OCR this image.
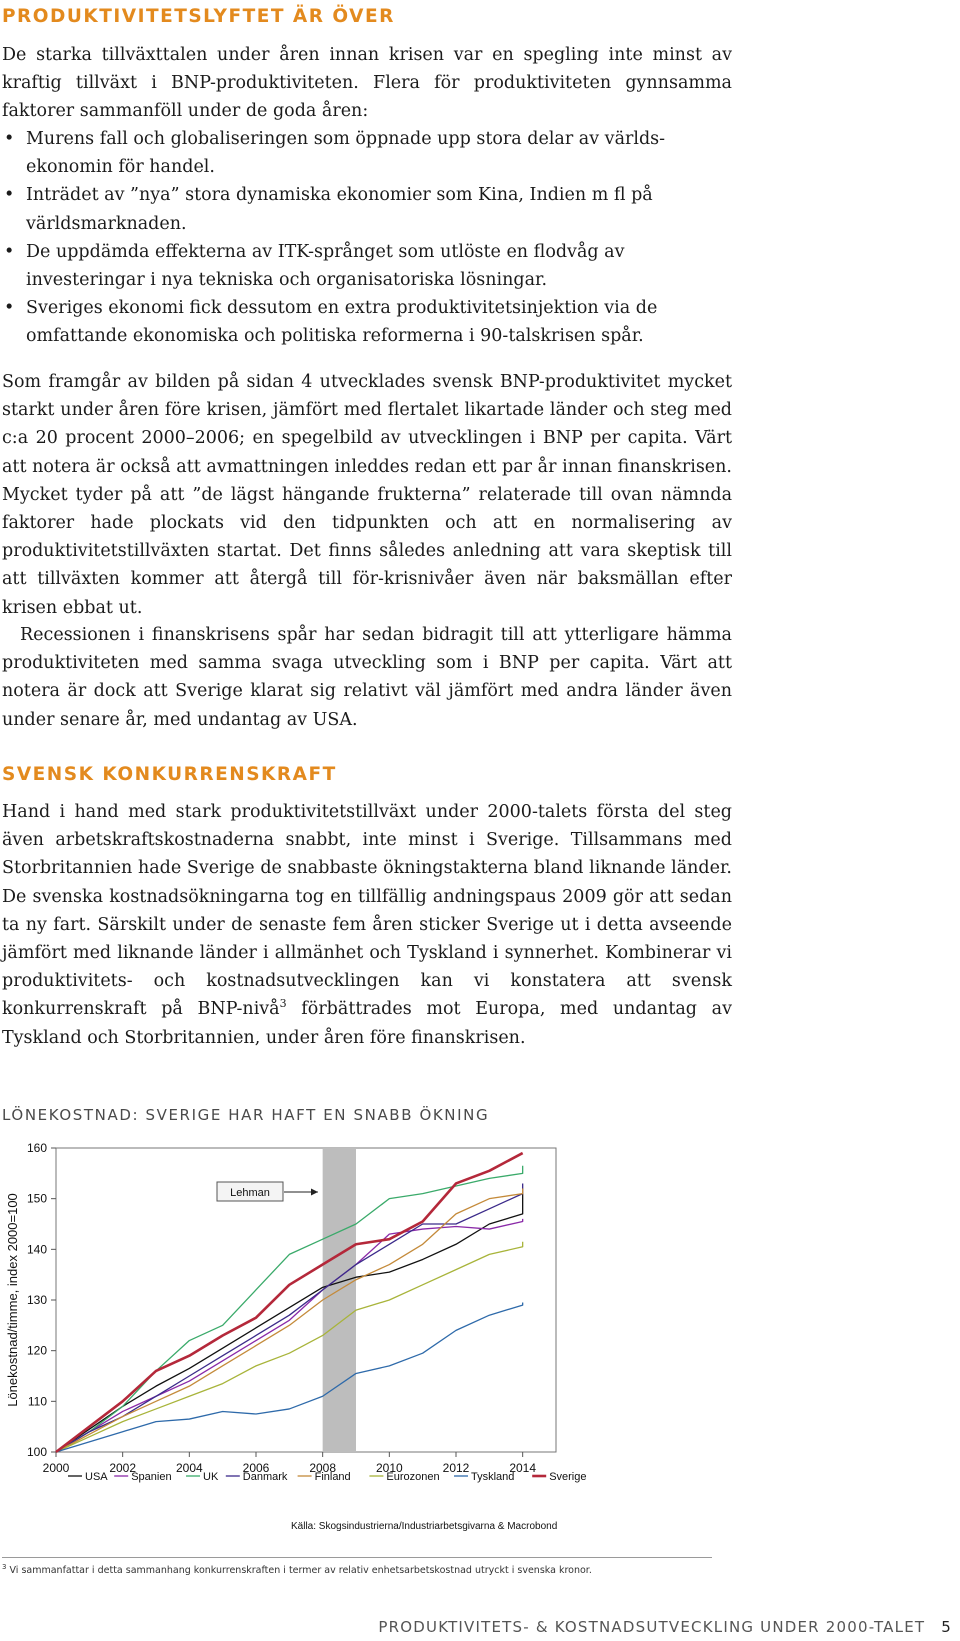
PRODUKTIVITETSLYFTET ÄR ÖVER

De starka tillväxttalen under åren innan krisen var en spegling inte minst av kraftig tillväxt i BNP-produktiviteten. Flera för produktiviteten gynnsamma faktorer sammanföll under de goda åren:

• Murens fall och globaliseringen som öppnade upp stora delar av världsekonomin för handel.
• Inträdet av ”nya” stora dynamiska ekonomier som Kina, Indien m fl på världsmarknaden.
• De uppdämda effekterna av ITK-språnget som utlöste en flodvåg av investeringar i nya tekniska och organisatoriska lösningar.
• Sveriges ekonomi fick dessutom en extra produktivitetsinjektion via de omfattande ekonomiska och politiska reformerna i 90-talskrisen spår.

Som framgår av bilden på sidan 4 utvecklades svensk BNP-produktivitet mycket starkt under åren före krisen, jämfört med flertalet likartade länder och steg med c:a 20 procent 2000–2006; en spegelbild av utvecklingen i BNP per capita. Värt att notera är också att avmattningen inleddes redan ett par år innan finanskrisen. Mycket tyder på att ”de lägst hängande frukterna” relaterade till ovan nämnda faktorer hade plockats vid den tidpunkten och att en normalisering av produktivitetstillväxten startat. Det finns således anledning att vara skeptisk till att tillväxten kommer att återgå till för-krisnivåer även när baksmällan efter krisen ebbat ut.

Recessionen i finanskrisens spår har sedan bidragit till att ytterligare hämma produktiviteten med samma svaga utveckling som i BNP per capita. Värt att notera är dock att Sverige klarat sig relativt väl jämfört med andra länder även under senare år, med undantag av USA.

SVENSK KONKURRENSKRAFT

Hand i hand med stark produktivitetstillväxt under 2000-talets första del steg även arbetskraftskostnaderna snabbt, inte minst i Sverige. Tillsammans med Storbritannien hade Sverige de snabbaste ökningstakterna bland liknande länder. De svenska kostnadsökningarna tog en tillfällig andningspaus 2009 gör att sedan ta ny fart. Särskilt under de senaste fem åren sticker Sverige ut i detta avseende jämfört med liknande länder i allmänhet och Tyskland i synnerhet. Kombinerar vi produktivitets- och kostnadsutvecklingen kan vi konstatera att svensk konkurrenskraft på BNP-nivå$^3$ förbättrades mot Europa, med undantag av Tyskland och Storbritannien, under åren före finanskrisen.

LÖNEKOSTNAD: SVERIGE HAR HAFT EN SNABB ÖKNING

100
110
120
130
140
150
160
2000	2002	2004	2006	2008	2010	2012	2014
Lönekostnad/timme, index 2000=100
Lehman
USA Spanien	UK Danmark Finland	Eurozonen	Tyskland	Sverige
Källa: Skogsindustrierna/Industriarbetsgivarna & Macrobond

$^3$ Vi sammanfattar i detta sammanhang konkurrenskraften i termer av relativ enhetsarbetskostnad utryckt i svenska kronor.

PRODUKTIVITETS- & KOSTNADSUTVECKLING UNDER 2000-TALET 5
